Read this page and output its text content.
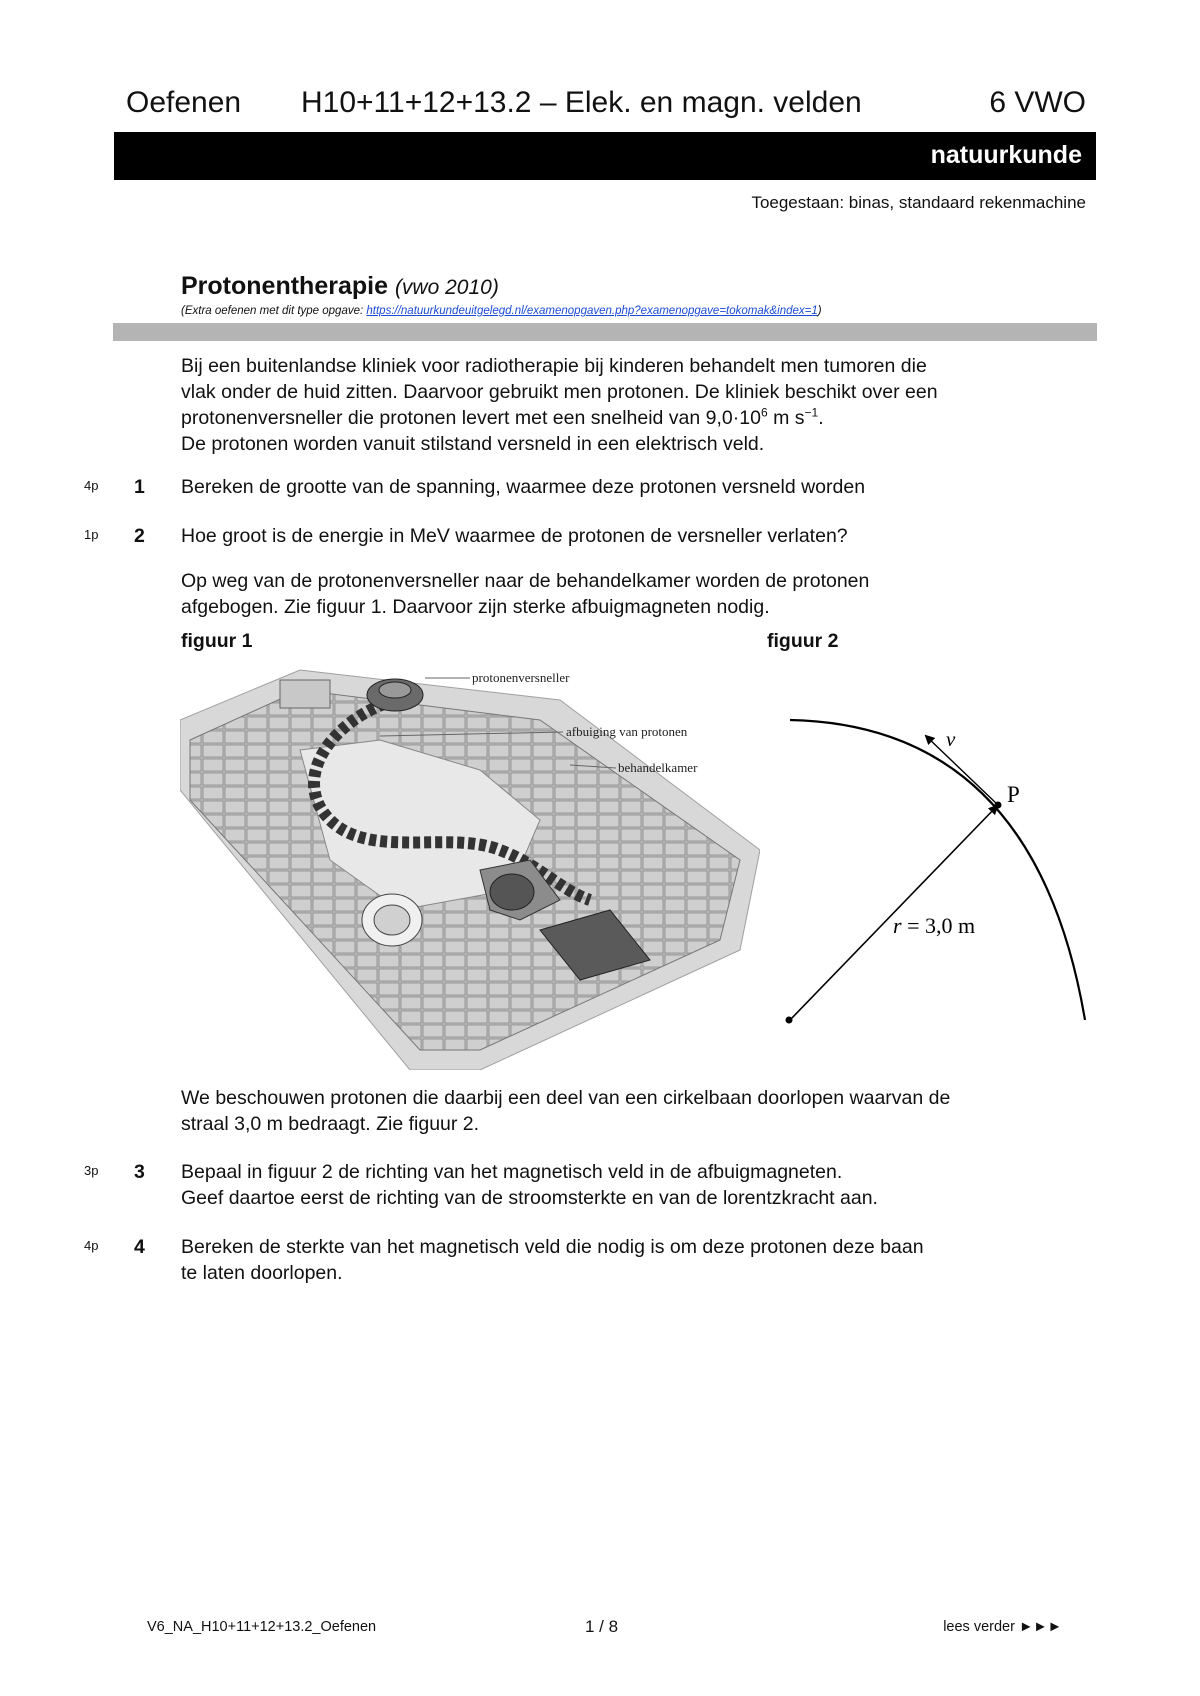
Oefenen H10+11+12+13.2 – Elek. en magn. velden	6 VWO
natuurkunde
Toegestaan: binas, standaard rekenmachine
Protonentherapie (vwo 2010)
(Extra oefenen met dit type opgave: https://natuurkundeuitgelegd.nl/examenopgaven.php?examenopgave=tokomak&index=1)
Bij een buitenlandse kliniek voor radiotherapie bij kinderen behandelt men tumoren die
vlak onder de huid zitten. Daarvoor gebruikt men protonen. De kliniek beschikt over een
protonenversneller die protonen levert met een snelheid van $9,0\cdot 10^6$ m $s^{-1}$.
De protonen worden vanuit stilstand versneld in een elektrisch veld.
4p 1 Bereken de grootte van de spanning, waarmee deze protonen versneld worden
1p 2 Hoe groot is de energie in MeV waarmee de protonen de versneller verlaten?
Op weg van de protonenversneller naar de behandelkamer worden de protonen
afgebogen. Zie figuur 1. Daarvoor zijn sterke afbuigmagneten nodig.
figuur 1	figuur 2
protonenversneller
afbuiging van protonen
behandelkamer
v
P
r = 3,0 m
We beschouwen protonen die daarbij een deel van een cirkelbaan doorlopen waarvan de
straal 3,0 m bedraagt. Zie figuur 2.
3p 3 Bepaal in figuur 2 de richting van het magnetisch veld in de afbuigmagneten.
Geef daartoe eerst de richting van de stroomsterkte en van de lorentzkracht aan.
4p 4 Bereken de sterkte van het magnetisch veld die nodig is om deze protonen deze baan
te laten doorlopen.
V6_NA_H10+11+12+13.2_Oefenen	1 / 8	lees verder ►►►
